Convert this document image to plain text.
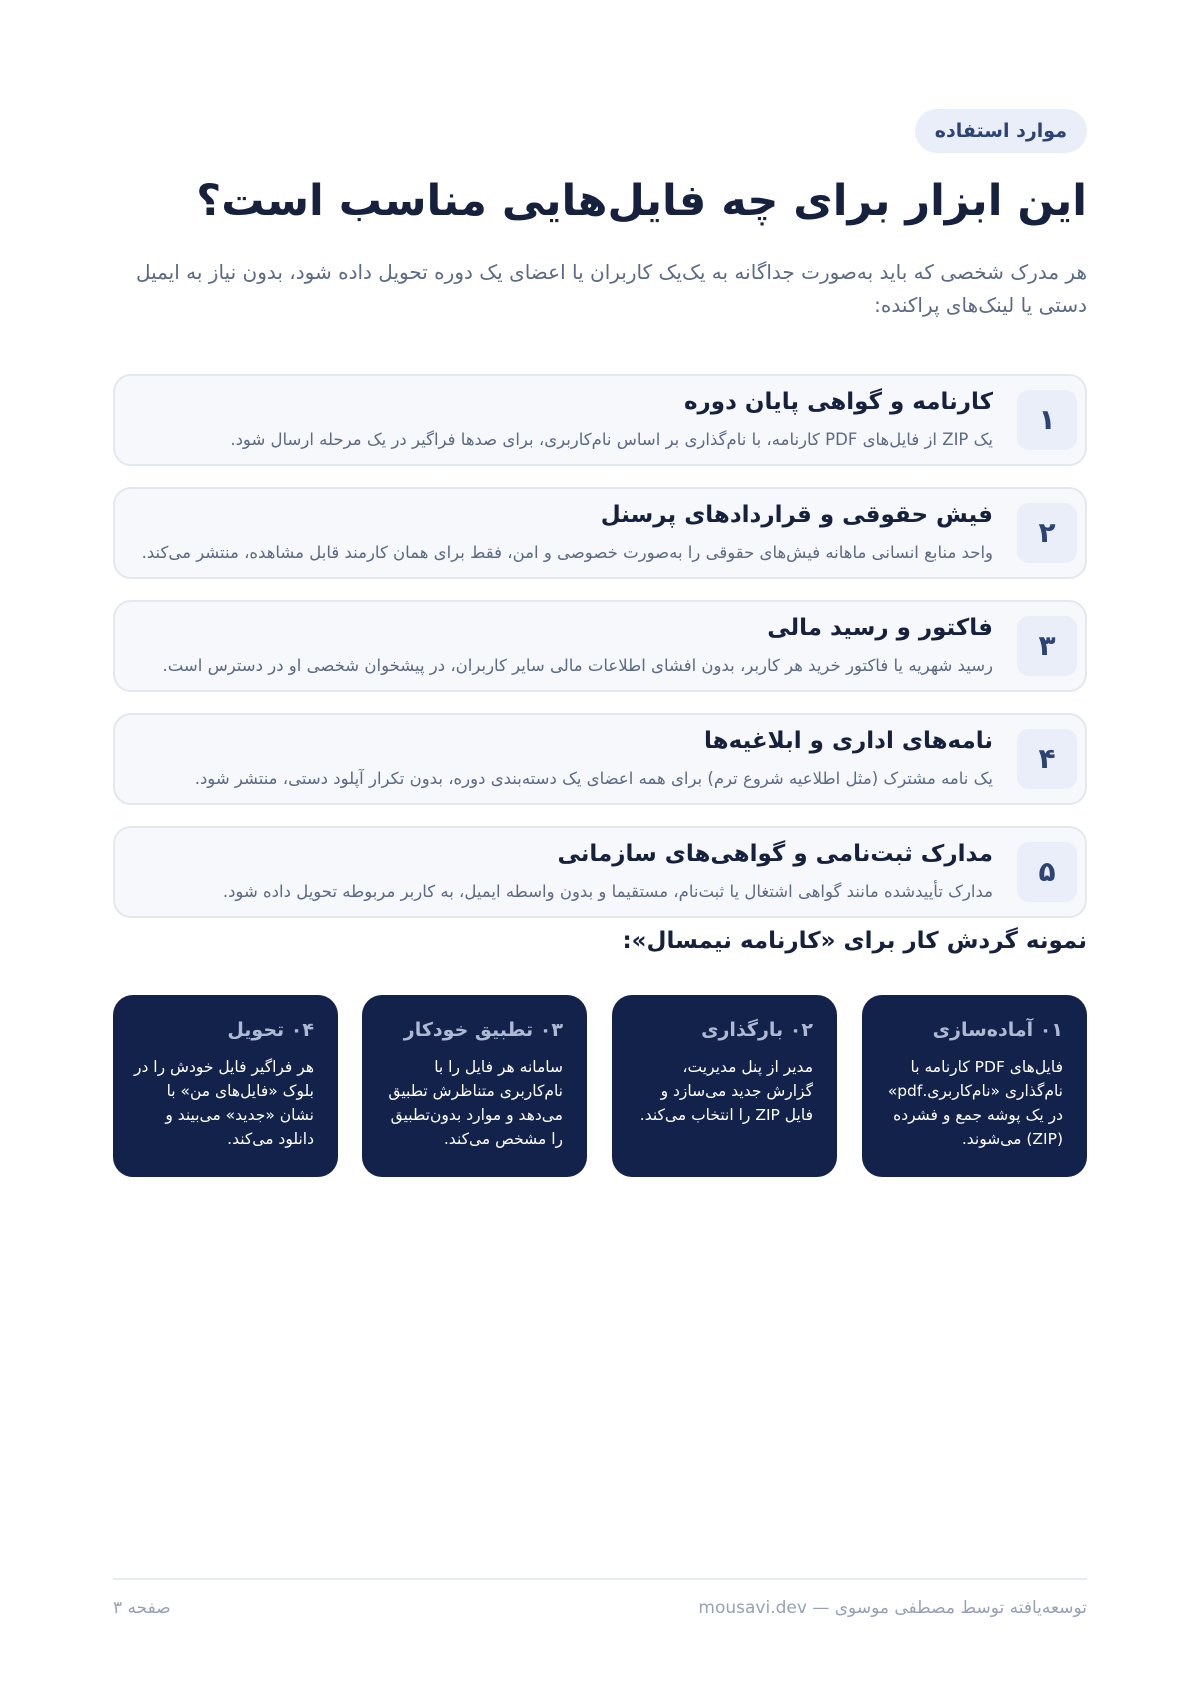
موارد استفاده
این ابزار برای چه فایل‌هایی مناسب است؟

هر مدرک شخصی که باید به‌صورت جداگانه به یک‌یک کاربران یا اعضای یک دوره تحویل داده شود، بدون نیاز به ایمیل دستی یا لینک‌های پراکنده:

۱
کارنامه و گواهی پایان دوره
یک ZIP از فایل‌های PDF کارنامه، با نام‌گذاری بر اساس نام‌کاربری، برای صدها فراگیر در یک مرحله ارسال شود.
۲
فیش حقوقی و قراردادهای پرسنل
واحد منابع انسانی ماهانه فیش‌های حقوقی را به‌صورت خصوصی و امن، فقط برای همان کارمند قابل مشاهده، منتشر می‌کند.
۳
فاکتور و رسید مالی
رسید شهریه یا فاکتور خرید هر کاربر، بدون افشای اطلاعات مالی سایر کاربران، در پیشخوان شخصی او در دسترس است.
۴
نامه‌های اداری و ابلاغیه‌ها
یک نامه مشترک (مثل اطلاعیه شروع ترم) برای همه اعضای یک دسته‌بندی دوره، بدون تکرار آپلود دستی، منتشر شود.
۵
مدارک ثبت‌نامی و گواهی‌های سازمانی
مدارک تأییدشده مانند گواهی اشتغال یا ثبت‌نام، مستقیما و بدون واسطه ایمیل، به کاربر مربوطه تحویل داده شود.
نمونه گردش کار برای «کارنامه نیمسال»:
۰۱ آماده‌سازی
فایل‌های PDF کارنامه با نام‌گذاری «نام‌کاربری.pdf» در یک پوشه جمع و فشرده (ZIP) می‌شوند.
۰۲ بارگذاری
مدیر از پنل مدیریت، گزارش جدید می‌سازد و فایل ZIP را انتخاب می‌کند.
۰۳ تطبیق خودکار
سامانه هر فایل را با نام‌کاربری متناظرش تطبیق می‌دهد و موارد بدون‌تطبیق را مشخص می‌کند.
۰۴ تحویل
هر فراگیر فایل خودش را در بلوک «فایل‌های من» با نشان «جدید» می‌بیند و دانلود می‌کند.
توسعه‌یافته توسط مصطفی موسوی — mousavi.dev
صفحه ۳
